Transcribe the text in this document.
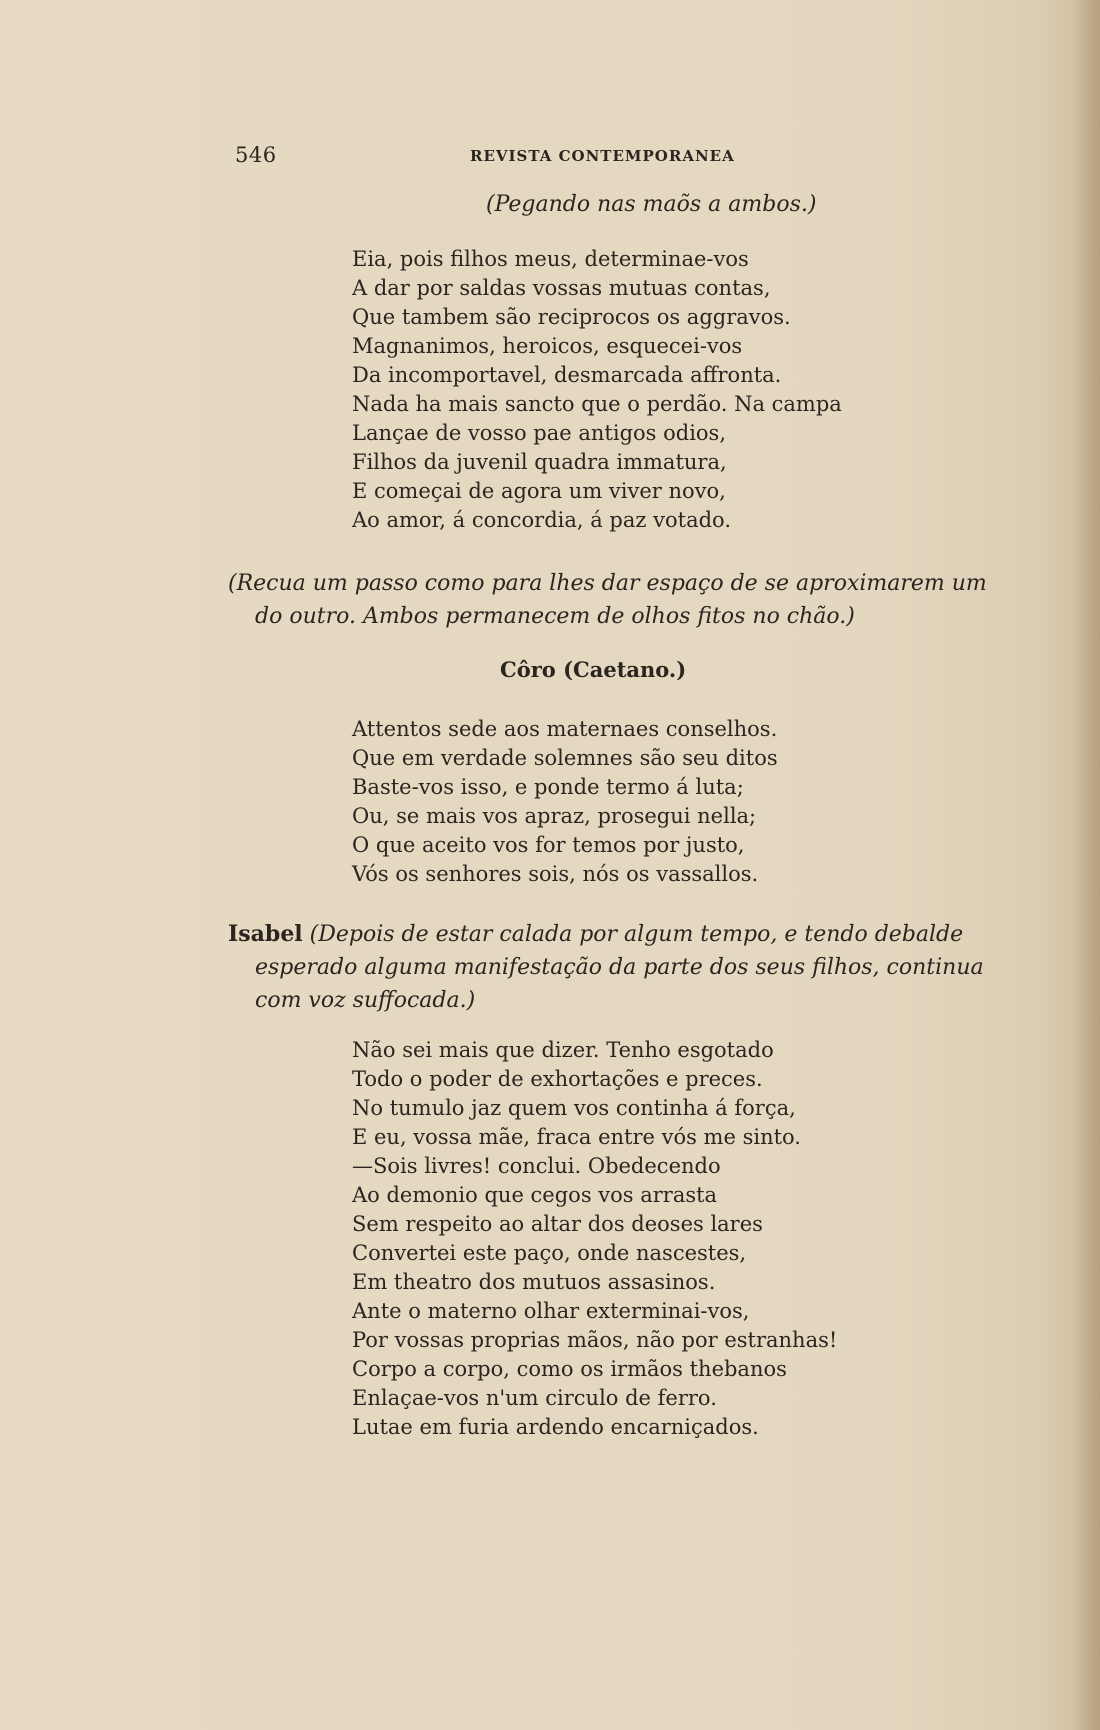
546	REVISTA CONTEMPORANEA
(Pegando nas maõs a ambos.)
Eia, pois filhos meus, determinae-vos
A dar por saldas vossas mutuas contas,
Que tambem são reciprocos os aggravos.
Magnanimos, heroicos, esquecei-vos
Da incomportavel, desmarcada affronta.
Nada ha mais sancto que o perdão. Na campa
Lançae de vosso pae antigos odios,
Filhos da juvenil quadra immatura,
E começai de agora um viver novo,
Ao amor, á concordia, á paz votado.
(Recua um passo como para lhes dar espaço de se aproximarem um
do outro. Ambos permanecem de olhos fitos no chão.)
Côro (Caetano.)
Attentos sede aos maternaes conselhos.
Que em verdade solemnes são seu ditos
Baste-vos isso, e ponde termo á luta;
Ou, se mais vos apraz, prosegui nella;
O que aceito vos for temos por justo,
Vós os senhores sois, nós os vassallos.
Isabel (Depois de estar calada por algum tempo, e tendo debalde
esperado alguma manifestação da parte dos seus filhos, continua
com voz suffocada.)
Não sei mais que dizer. Tenho esgotado
Todo o poder de exhortações e preces.
No tumulo jaz quem vos continha á força,
E eu, vossa mãe, fraca entre vós me sinto.
—Sois livres! conclui. Obedecendo
Ao demonio que cegos vos arrasta
Sem respeito ao altar dos deoses lares
Convertei este paço, onde nascestes,
Em theatro dos mutuos assasinos.
Ante o materno olhar exterminai-vos,
Por vossas proprias mãos, não por estranhas!
Corpo a corpo, como os irmãos thebanos
Enlaçae-vos n'um circulo de ferro.
Lutae em furia ardendo encarniçados.
